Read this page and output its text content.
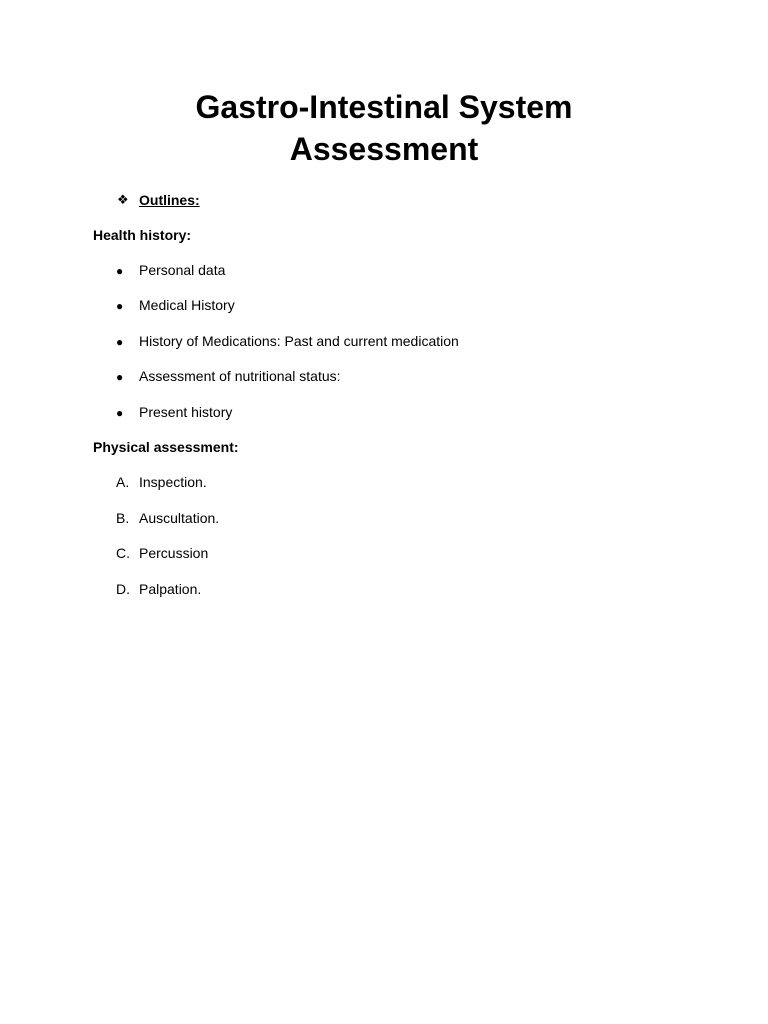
Gastro-Intestinal System
Assessment
❖ Outlines:
Health history:
● Personal data
● Medical History
● History of Medications: Past and current medication
● Assessment of nutritional status:
● Present history
Physical assessment:
A. Inspection.
B. Auscultation.
C. Percussion
D. Palpation.
